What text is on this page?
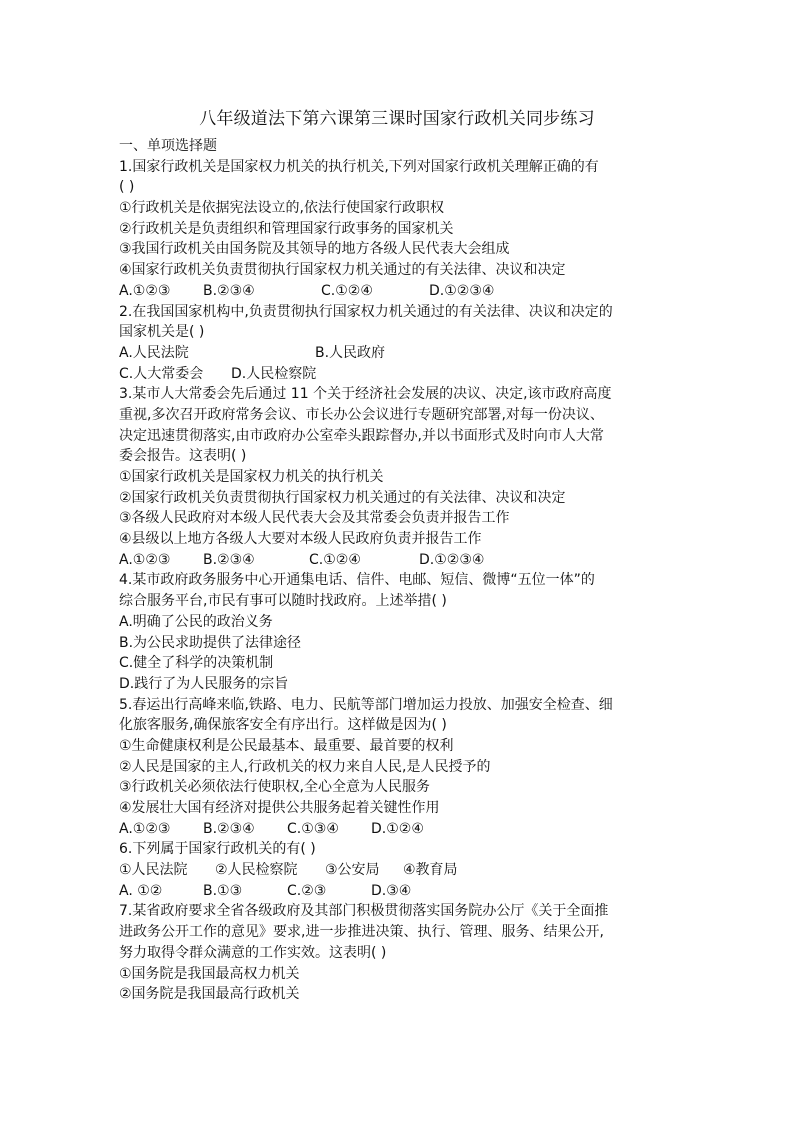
八年级道法下第六课第三课时国家行政机关同步练习
一、单项选择题
1.国家行政机关是国家权力机关的执行机关,下列对国家行政机关理解正确的有
( )
①行政机关是依据宪法设立的,依法行使国家行政职权
②行政机关是负责组织和管理国家行政事务的国家机关
③我国行政机关由国务院及其领导的地方各级人民代表大会组成
④国家行政机关负责贯彻执行国家权力机关通过的有关法律、决议和决定
A.①②③	B.②③④	C.①②④	D.①②③④
2.在我国国家机构中,负责贯彻执行国家权力机关通过的有关法律、决议和决定的
国家机关是( )
A.人民法院	B.人民政府
C.人大常委会	D.人民检察院
3.某市人大常委会先后通过 11 个关于经济社会发展的决议、决定,该市政府高度
重视,多次召开政府常务会议、市长办公会议进行专题研究部署,对每一份决议、
决定迅速贯彻落实,由市政府办公室牵头跟踪督办,并以书面形式及时向市人大常
委会报告。这表明( )
①国家行政机关是国家权力机关的执行机关
②国家行政机关负责贯彻执行国家权力机关通过的有关法律、决议和决定
③各级人民政府对本级人民代表大会及其常委会负责并报告工作
④县级以上地方各级人大要对本级人民政府负责并报告工作
A.①②③	B.②③④	C.①②④	D.①②③④
4.某市政府政务服务中心开通集电话、信件、电邮、短信、微博“五位一体”的
综合服务平台,市民有事可以随时找政府。上述举措( )
A.明确了公民的政治义务
B.为公民求助提供了法律途径
C.健全了科学的决策机制
D.践行了为人民服务的宗旨
5.春运出行高峰来临,铁路、电力、民航等部门增加运力投放、加强安全检查、细
化旅客服务,确保旅客安全有序出行。这样做是因为( )
①生命健康权利是公民最基本、最重要、最首要的权利
②人民是国家的主人,行政机关的权力来自人民,是人民授予的
③行政机关必须依法行使职权,全心全意为人民服务
④发展壮大国有经济对提供公共服务起着关键性作用
A.①②③	B.②③④	C.①③④	D.①②④
6.下列属于国家行政机关的有( )
①人民法院	②人民检察院	③公安局	④教育局
A. ①②	B.①③	C.②③	D.③④
7.某省政府要求全省各级政府及其部门积极贯彻落实国务院办公厅《关于全面推
进政务公开工作的意见》要求,进一步推进决策、执行、管理、服务、结果公开,
努力取得令群众满意的工作实效。这表明( )
①国务院是我国最高权力机关
②国务院是我国最高行政机关
